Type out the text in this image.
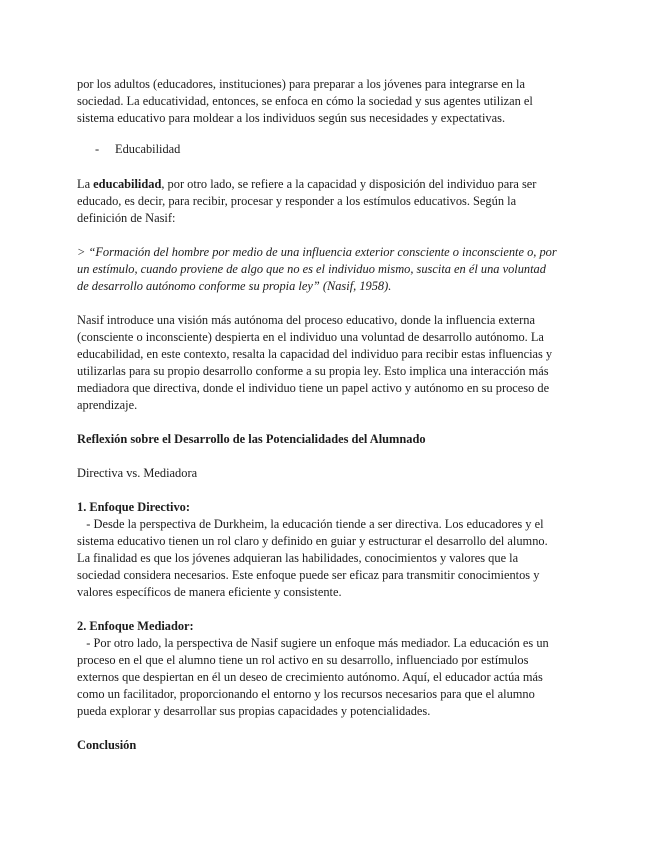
por los adultos (educadores, instituciones) para preparar a los jóvenes para integrarse en la
sociedad. La educatividad, entonces, se enfoca en cómo la sociedad y sus agentes utilizan el
sistema educativo para moldear a los individuos según sus necesidades y expectativas.

-	Educabilidad

La educabilidad, por otro lado, se refiere a la capacidad y disposición del individuo para ser
educado, es decir, para recibir, procesar y responder a los estímulos educativos. Según la
definición de Nasif:

> “Formación del hombre por medio de una influencia exterior consciente o inconsciente o, por
un estímulo, cuando proviene de algo que no es el individuo mismo, suscita en él una voluntad
de desarrollo autónomo conforme su propia ley” (Nasif, 1958).

Nasif introduce una visión más autónoma del proceso educativo, donde la influencia externa
(consciente o inconsciente) despierta en el individuo una voluntad de desarrollo autónomo. La
educabilidad, en este contexto, resalta la capacidad del individuo para recibir estas influencias y
utilizarlas para su propio desarrollo conforme a su propia ley. Esto implica una interacción más
mediadora que directiva, donde el individuo tiene un papel activo y autónomo en su proceso de
aprendizaje.

Reflexión sobre el Desarrollo de las Potencialidades del Alumnado

Directiva vs. Mediadora

1. Enfoque Directivo:
- Desde la perspectiva de Durkheim, la educación tiende a ser directiva. Los educadores y el
sistema educativo tienen un rol claro y definido en guiar y estructurar el desarrollo del alumno.
La finalidad es que los jóvenes adquieran las habilidades, conocimientos y valores que la
sociedad considera necesarios. Este enfoque puede ser eficaz para transmitir conocimientos y
valores específicos de manera eficiente y consistente.
2. Enfoque Mediador:
- Por otro lado, la perspectiva de Nasif sugiere un enfoque más mediador. La educación es un
proceso en el que el alumno tiene un rol activo en su desarrollo, influenciado por estímulos
externos que despiertan en él un deseo de crecimiento autónomo. Aquí, el educador actúa más
como un facilitador, proporcionando el entorno y los recursos necesarios para que el alumno
pueda explorar y desarrollar sus propias capacidades y potencialidades.

Conclusión
